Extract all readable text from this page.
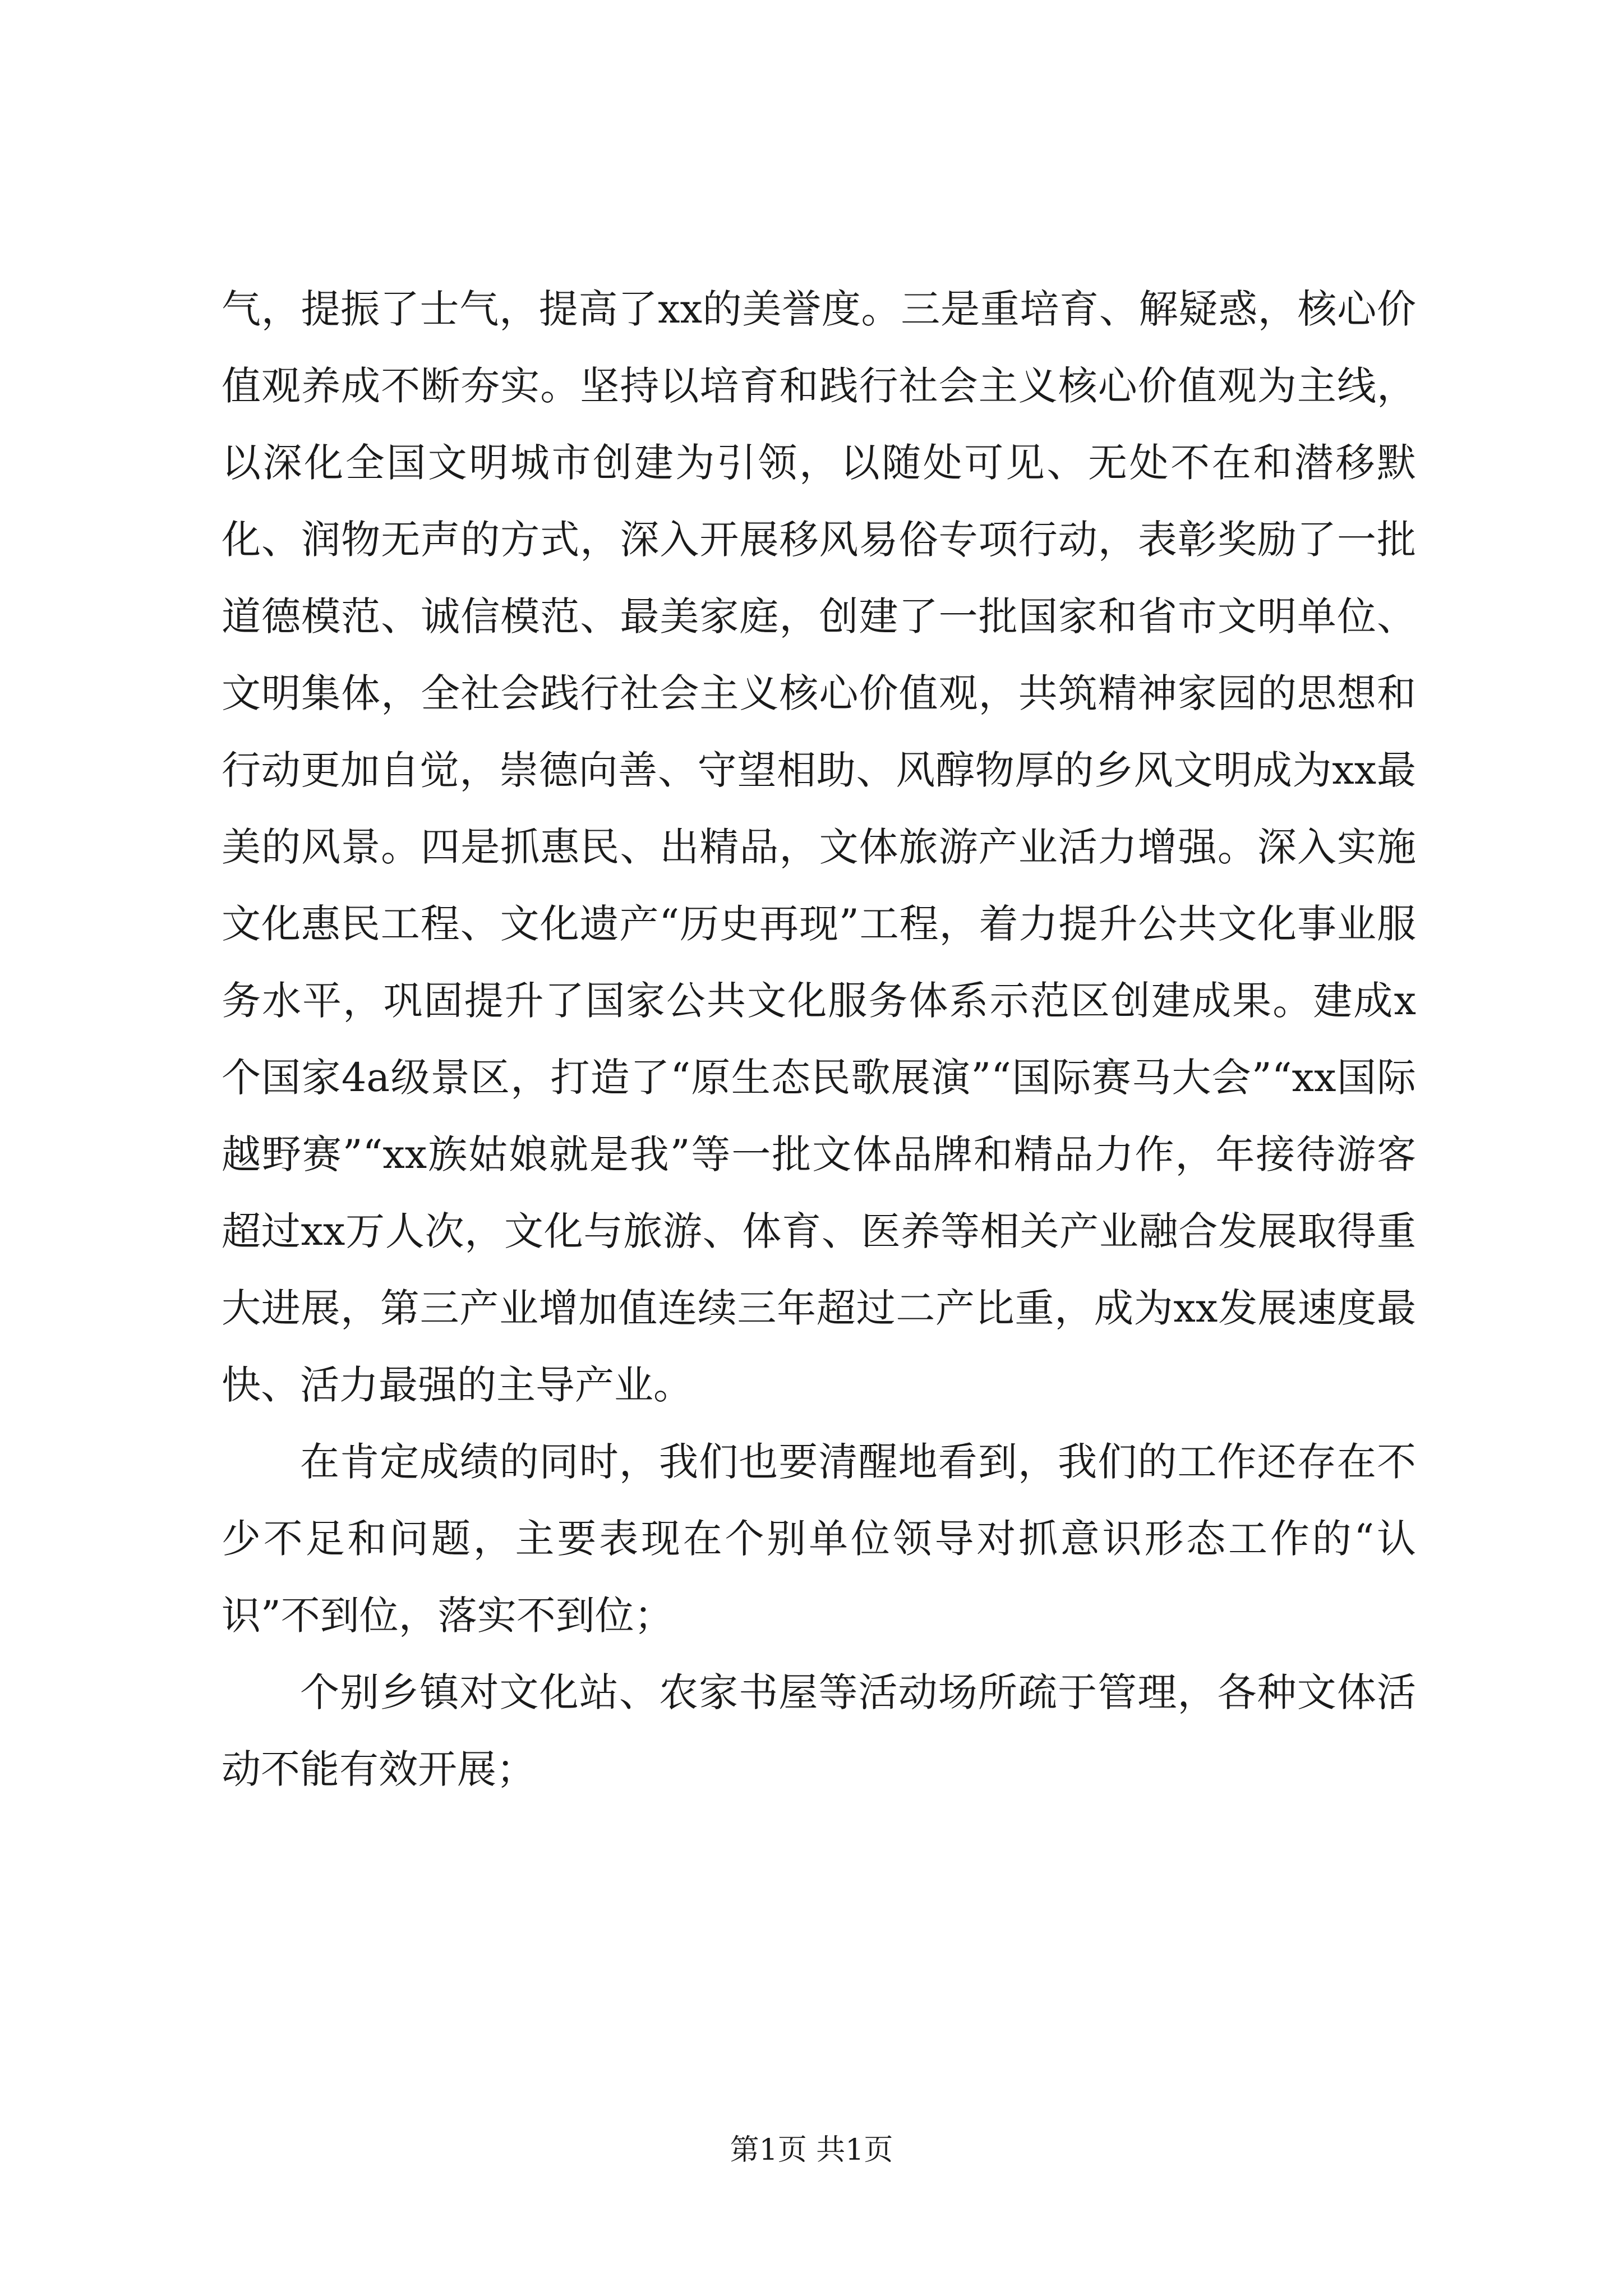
气，提振了士气，提高了xx的美誉度。三是重培育、解疑惑，核心价值观养成不断夯实。坚持以培育和践行社会主义核心价值观为主线，以深化全国文明城市创建为引领，以随处可见、无处不在和潜移默化、润物无声的方式，深入开展移风易俗专项行动，表彰奖励了一批道德模范、诚信模范、最美家庭，创建了一批国家和省市文明单位、文明集体，全社会践行社会主义核心价值观，共筑精神家园的思想和行动更加自觉，崇德向善、守望相助、风醇物厚的乡风文明成为xx最美的风景。四是抓惠民、出精品，文体旅游产业活力增强。深入实施文化惠民工程、文化遗产“历史再现”工程，着力提升公共文化事业服务水平，巩固提升了国家公共文化服务体系示范区创建成果。建成x个国家4a级景区，打造了“原生态民歌展演”“国际赛马大会”“xx国际越野赛”“xx族姑娘就是我”等一批文体品牌和精品力作，年接待游客超过xx万人次，文化与旅游、体育、医养等相关产业融合发展取得重大进展，第三产业增加值连续三年超过二产比重，成为xx发展速度最快、活力最强的主导产业。

在肯定成绩的同时，我们也要清醒地看到，我们的工作还存在不少不足和问题，主要表现在个别单位领导对抓意识形态工作的“认识”不到位，落实不到位；

个别乡镇对文化站、农家书屋等活动场所疏于管理，各种文体活动不能有效开展；

第1页 共1页
